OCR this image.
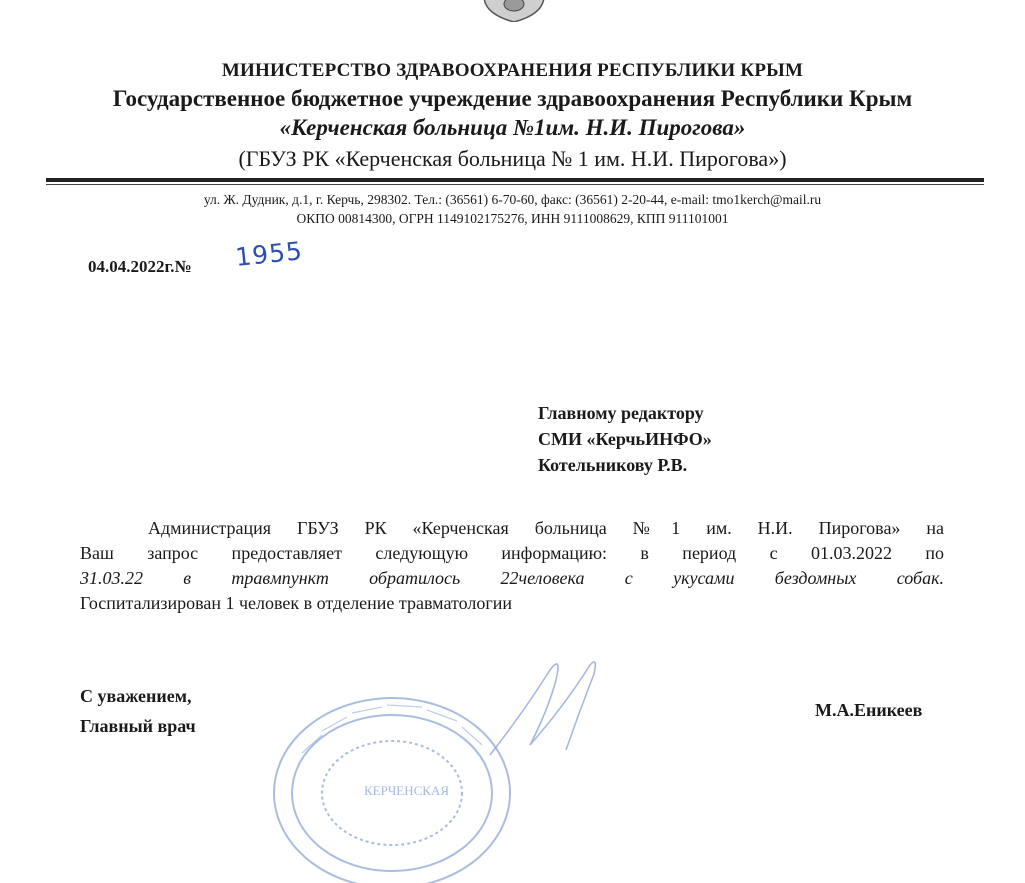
МИНИСТЕРСТВО ЗДРАВООХРАНЕНИЯ РЕСПУБЛИКИ КРЫМ
Государственное бюджетное учреждение здравоохранения Республики Крым
«Керченская больница №1им. Н.И. Пирогова»
(ГБУЗ РК «Керченская больница № 1 им. Н.И. Пирогова»)
ул. Ж. Дудник, д.1, г. Керчь, 298302. Тел.: (36561) 6-70-60, факс: (36561) 2-20-44, e-mail: tmo1kerch@mail.ru
ОКПО 00814300, ОГРН 1149102175276, ИНН 9111008629, КПП 911101001
04.04.2022г.№ 1955
Главному редактору
СМИ «КерчьИНФО»
Котельникову Р.В.
Администрация ГБУЗ РК «Керченская больница №1 им. Н.И. Пирогова» на
Ваш запрос предоставляет следующую информацию: в период с 01.03.2022 по
31.03.22 в травмпункт обратилось 22человека с укусами бездомных собак.
Госпитализирован 1 человек в отделение травматологии
С уважением,
Главный врач
М.А.Еникеев
КЕРЧЕНСКАЯ
